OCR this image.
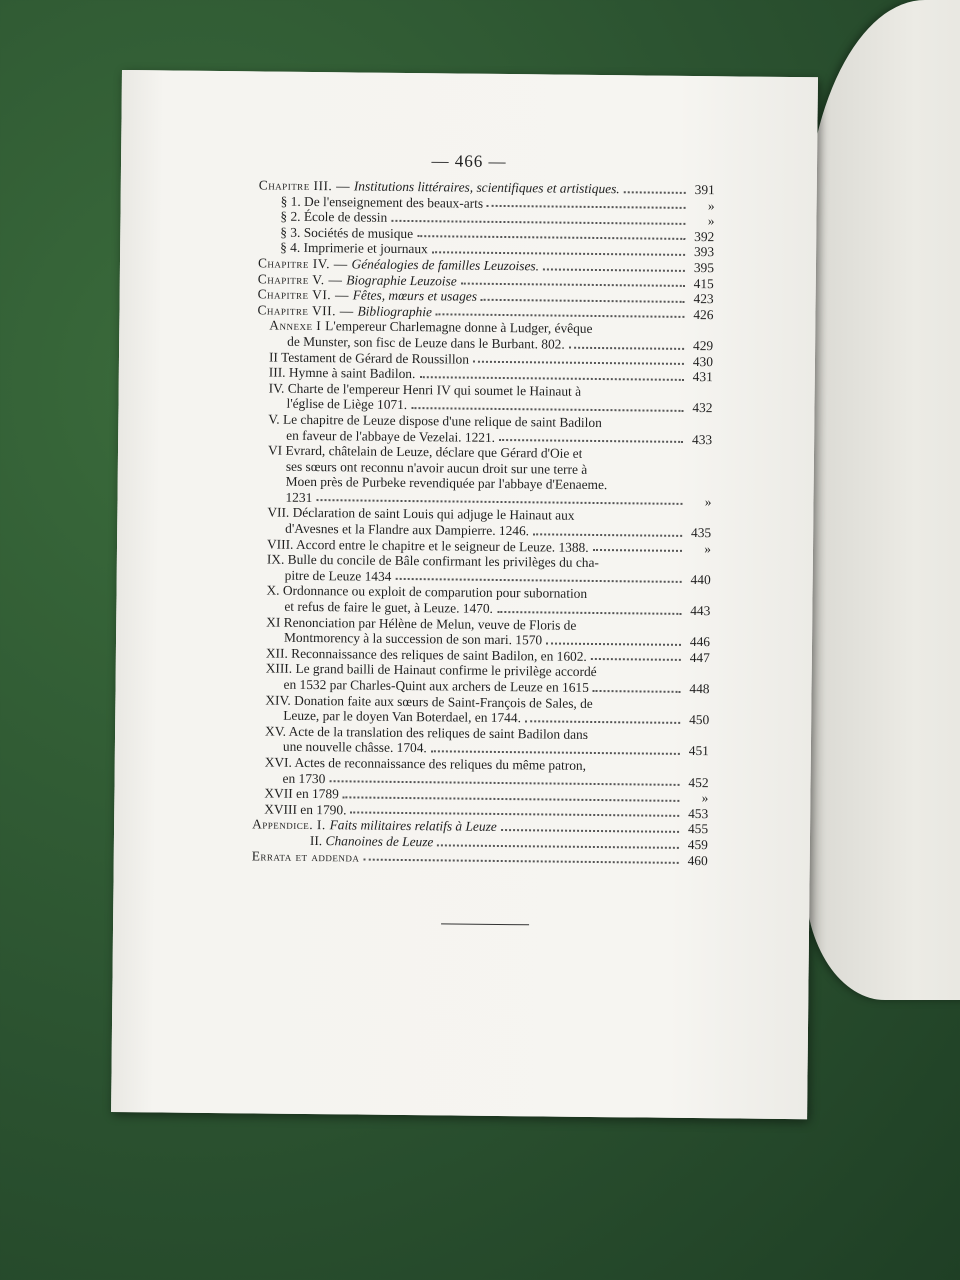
— 466 —
Chapitre III. — Institutions littéraires, scientifiques et artistiques.	391
§ 1. De l'enseignement des beaux-arts	»
§ 2. École de dessin	»
§ 3. Sociétés de musique	392
§ 4. Imprimerie et journaux	393
Chapitre IV. — Généalogies de familles Leuzoises.	395
Chapitre V. — Biographie Leuzoise	415
Chapitre VI. — Fêtes, mœurs et usages	423
Chapitre VII. — Bibliographie	426
Annexe I L'empereur Charlemagne donne à Ludger, évêque
de Munster, son fisc de Leuze dans le Burbant. 802.	429
II Testament de Gérard de Roussillon	430
III. Hymne à saint Badilon.	431
IV. Charte de l'empereur Henri IV qui soumet le Hainaut à
l'église de Liège 1071.	432
V. Le chapitre de Leuze dispose d'une relique de saint Badilon
en faveur de l'abbaye de Vezelai. 1221.	433
VI Evrard, châtelain de Leuze, déclare que Gérard d'Oie et
ses sœurs ont reconnu n'avoir aucun droit sur une terre à
Moen près de Purbeke revendiquée par l'abbaye d'Eenaeme.
1231	»
VII. Déclaration de saint Louis qui adjuge le Hainaut aux
d'Avesnes et la Flandre aux Dampierre. 1246.	435
VIII. Accord entre le chapitre et le seigneur de Leuze. 1388.	»
IX. Bulle du concile de Bâle confirmant les privilèges du cha-
pitre de Leuze 1434	440
X. Ordonnance ou exploit de comparution pour subornation
et refus de faire le guet, à Leuze. 1470.	443
XI Renonciation par Hélène de Melun, veuve de Floris de
Montmorency à la succession de son mari. 1570	446
XII. Reconnaissance des reliques de saint Badilon, en 1602.	447
XIII. Le grand bailli de Hainaut confirme le privilège accordé
en 1532 par Charles-Quint aux archers de Leuze en 1615	448
XIV. Donation faite aux sœurs de Saint-François de Sales, de
Leuze, par le doyen Van Boterdael, en 1744.	450
XV. Acte de la translation des reliques de saint Badilon dans
une nouvelle châsse. 1704.	451
XVI. Actes de reconnaissance des reliques du même patron,
en 1730	452
XVII en 1789	»
XVIII en 1790.	453
Appendice. I. Faits militaires relatifs à Leuze	455
II. Chanoines de Leuze	459
Errata et addenda	460
